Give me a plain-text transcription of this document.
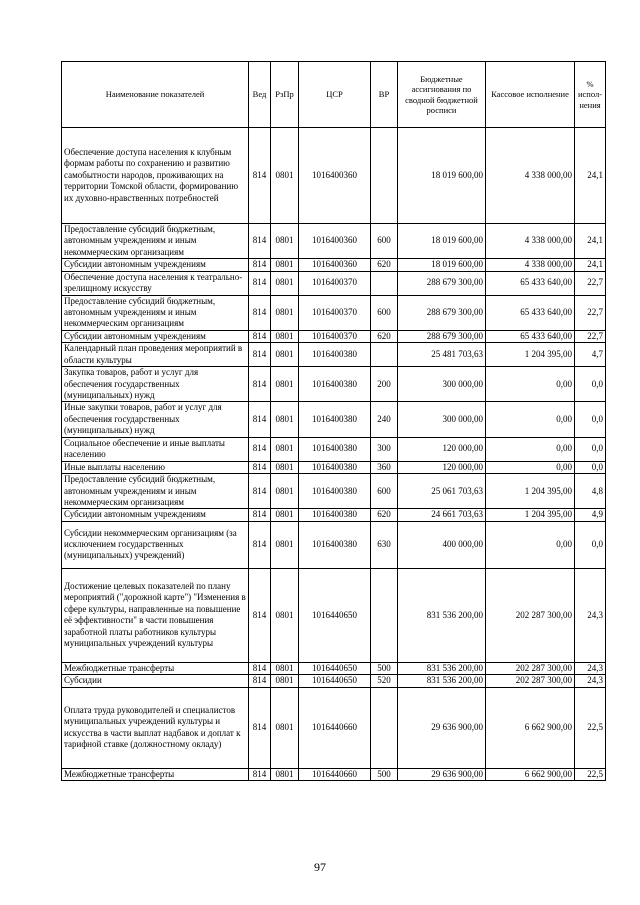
Наименование показателей	Вед	РзПр	ЦСР	ВР	Бюджетные ассигнования по сводной бюджетной росписи	Кассовое исполнение	% испол-нения
Обеспечение доступа населения к клубным формам работы по сохранению и развитию самобытности народов, проживающих на территории Томской области, формированию их духовно-нравственных потребностей	814	0801	1016400360		18 019 600,00	4 338 000,00	24,1
Предоставление субсидий бюджетным, автономным учреждениям и иным некоммерческим организациям	814	0801	1016400360	600	18 019 600,00	4 338 000,00	24,1
Субсидии автономным учреждениям	814	0801	1016400360	620	18 019 600,00	4 338 000,00	24,1
Обеспечение доступа населения к театрально-зрелищному искусству	814	0801	1016400370		288 679 300,00	65 433 640,00	22,7
Предоставление субсидий бюджетным, автономным учреждениям и иным некоммерческим организациям	814	0801	1016400370	600	288 679 300,00	65 433 640,00	22,7
Субсидии автономным учреждениям	814	0801	1016400370	620	288 679 300,00	65 433 640,00	22,7
Календарный план проведения мероприятий в области культуры	814	0801	1016400380		25 481 703,63	1 204 395,00	4,7
Закупка товаров, работ и услуг для обеспечения государственных (муниципальных) нужд	814	0801	1016400380	200	300 000,00	0,00	0,0
Иные закупки товаров, работ и услуг для обеспечения государственных (муниципальных) нужд	814	0801	1016400380	240	300 000,00	0,00	0,0
Социальное обеспечение и иные выплаты населению	814	0801	1016400380	300	120 000,00	0,00	0,0
Иные выплаты населению	814	0801	1016400380	360	120 000,00	0,00	0,0
Предоставление субсидий бюджетным, автономным учреждениям и иным некоммерческим организациям	814	0801	1016400380	600	25 061 703,63	1 204 395,00	4,8
Субсидии автономным учреждениям	814	0801	1016400380	620	24 661 703,63	1 204 395,00	4,9
Субсидии некоммерческим организациям (за исключением государственных (муниципальных) учреждений)	814	0801	1016400380	630	400 000,00	0,00	0,0
Достижение целевых показателей по плану мероприятий ("дорожной карте") "Изменения в сфере культуры, направленные на повышение её эффективности" в части повышения заработной платы работников культуры муниципальных учреждений культуры	814	0801	1016440650		831 536 200,00	202 287 300,00	24,3
Межбюджетные трансферты	814	0801	1016440650	500	831 536 200,00	202 287 300,00	24,3
Субсидии	814	0801	1016440650	520	831 536 200,00	202 287 300,00	24,3
Оплата труда руководителей и специалистов муниципальных учреждений культуры и искусства в части выплат надбавок и доплат к тарифной ставке (должностному окладу)	814	0801	1016440660		29 636 900,00	6 662 900,00	22,5
Межбюджетные трансферты	814	0801	1016440660	500	29 636 900,00	6 662 900,00	22,5
97
